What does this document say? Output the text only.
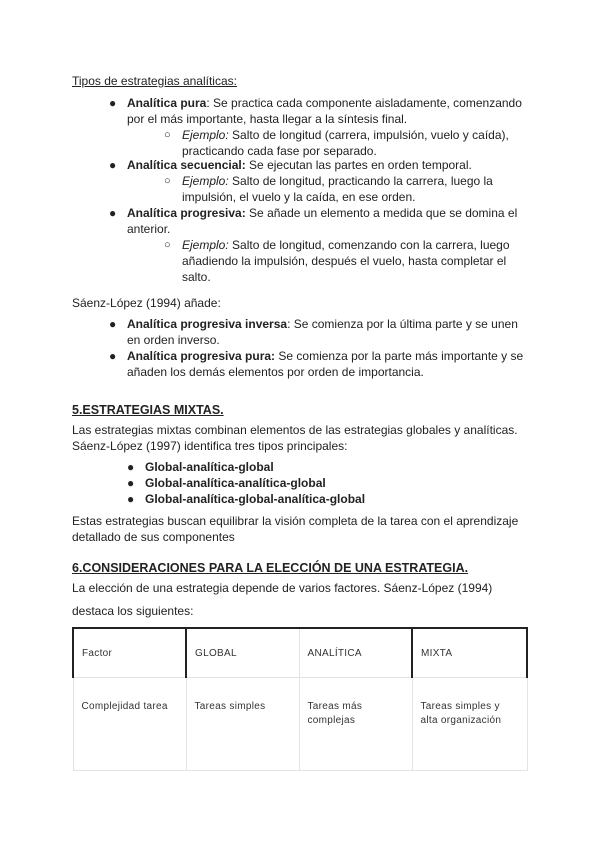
Tipos de estrategias analíticas:

● Analítica pura: Se practica cada componente aisladamente, comenzando
por el más importante, hasta llegar a la síntesis final.
○ Ejemplo: Salto de longitud (carrera, impulsión, vuelo y caída),
practicando cada fase por separado.
● Analítica secuencial: Se ejecutan las partes en orden temporal.
○ Ejemplo: Salto de longitud, practicando la carrera, luego la
impulsión, el vuelo y la caída, en ese orden.
● Analítica progresiva: Se añade un elemento a medida que se domina el
anterior.
○ Ejemplo: Salto de longitud, comenzando con la carrera, luego
añadiendo la impulsión, después el vuelo, hasta completar el
salto.

Sáenz-López (1994) añade:

● Analítica progresiva inversa: Se comienza por la última parte y se unen
en orden inverso.
● Analítica progresiva pura: Se comienza por la parte más importante y se
añaden los demás elementos por orden de importancia.

5.ESTRATEGIAS MIXTAS.

Las estrategias mixtas combinan elementos de las estrategias globales y analíticas.
Sáenz-López (1997) identifica tres tipos principales:

● Global-analítica-global
● Global-analítica-analítica-global
● Global-analítica-global-analítica-global

Estas estrategias buscan equilibrar la visión completa de la tarea con el aprendizaje
detallado de sus componentes

6.CONSIDERACIONES PARA LA ELECCIÓN DE UNA ESTRATEGIA.

La elección de una estrategia depende de varios factores. Sáenz-López (1994)

destaca los siguientes:

Factor	GLOBAL	ANALÍTICA	MIXTA
Complejidad tarea	Tareas simples	Tareas más
complejas	Tareas simples y
alta organización
